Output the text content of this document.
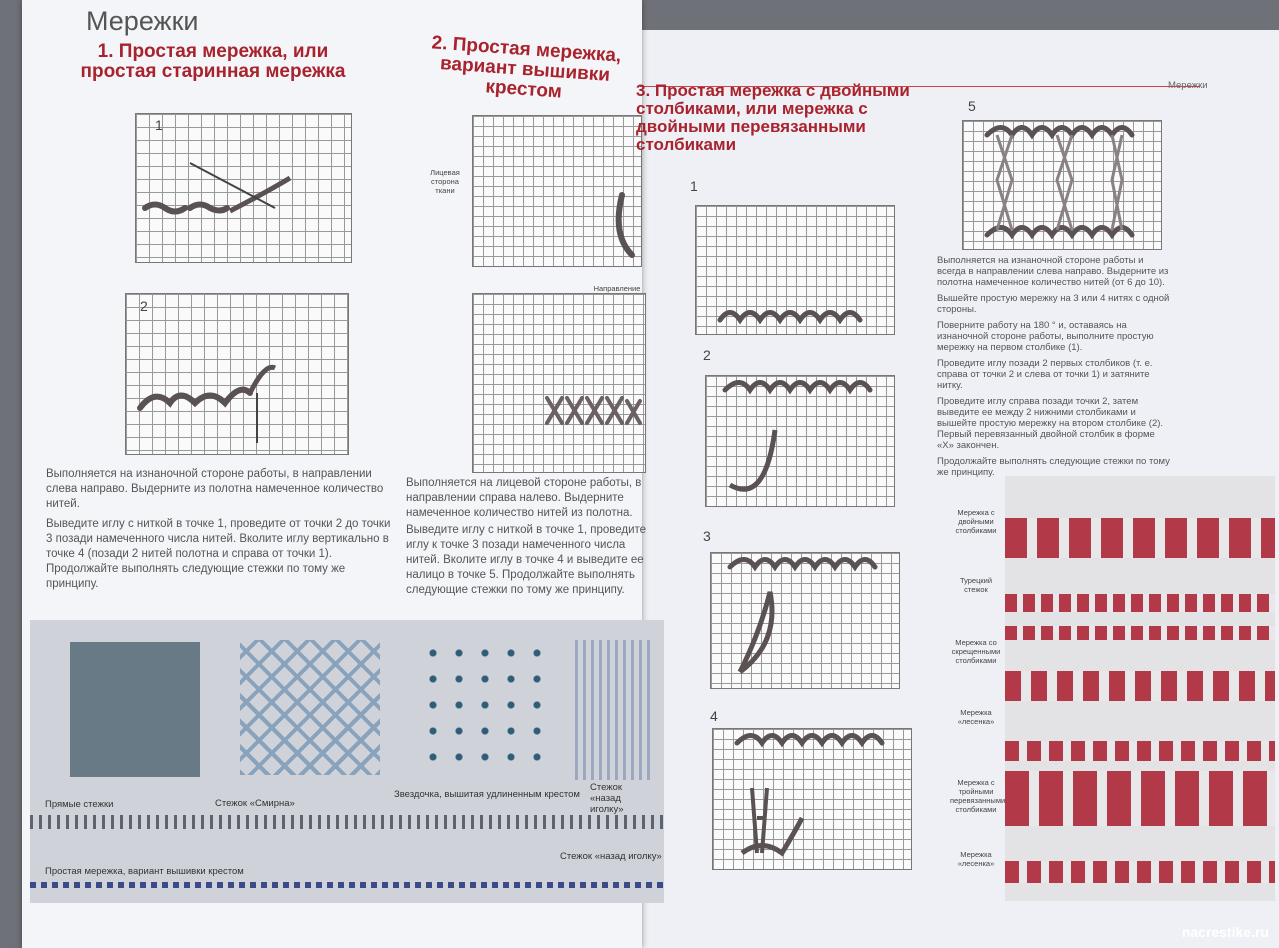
Мережки
1. Простая мережка, или простая старинная мережка
1
2
Выполняется на изнаночной стороне работы, в направлении слева направо. Выдерните из полотна намеченное количество нитей.
Выведите иглу с ниткой в точке 1, проведите от точки 2 до точки 3 позади намеченного числа нитей. Вколите иглу вертикально в точке 4 (позади 2 нитей полотна и справа от точки 1). Продолжайте выполнять следующие стежки по тому же принципу.
2. Простая мережка, вариант вышивки крестом
Лицевая сторона ткани
Направление
Выполняется на лицевой стороне работы, в направлении справа налево. Выдерните намеченное количество нитей из полотна.
Выведите иглу с ниткой в точке 1, проведите иглу к точке 3 позади намеченного числа нитей. Вколите иглу в точке 4 и выведите ее налицо в точке 5. Продолжайте выполнять следующие стежки по тому же принципу.
Прямые стежки	Стежок «Смирна»
Звездочка, вышитая удлиненным крестом
Стежок «назад иголку»
Стежок «назад иголку»
Простая мережка, вариант вышивки крестом
Мережки
3. Простая мережка с двойными столбиками, или мережка с двойными перевязанными столбиками
1
2
3
4
5

Выполняется на изнаночной стороне работы и всегда в направлении слева направо. Выдерните из полотна намеченное количество нитей (от 6 до 10).

Вышейте простую мережку на 3 или 4 нитях с одной стороны.

Поверните работу на 180 ° и, оставаясь на изнаночной стороне работы, выполните простую мережку на первом столбике (1).

Проведите иглу позади 2 первых столбиков (т. е. справа от точки 2 и слева от точки 1) и затяните нитку.

Проведите иглу справа позади точки 2, затем выведите ее между 2 нижними столбиками и вышейте простую мережку на втором столбике (2). Первый перевязанный двойной столбик в форме «Х» закончен.

Продолжайте выполнять следующие стежки по тому же принципу.

Мережка с двойными столбиками
Турецкий стежок
Мережка со скрещенными столбиками
Мережка «лесенка»
Мережка с тройными перевязанными столбиками
Мережка «лесенка»
nacrestike.ru
